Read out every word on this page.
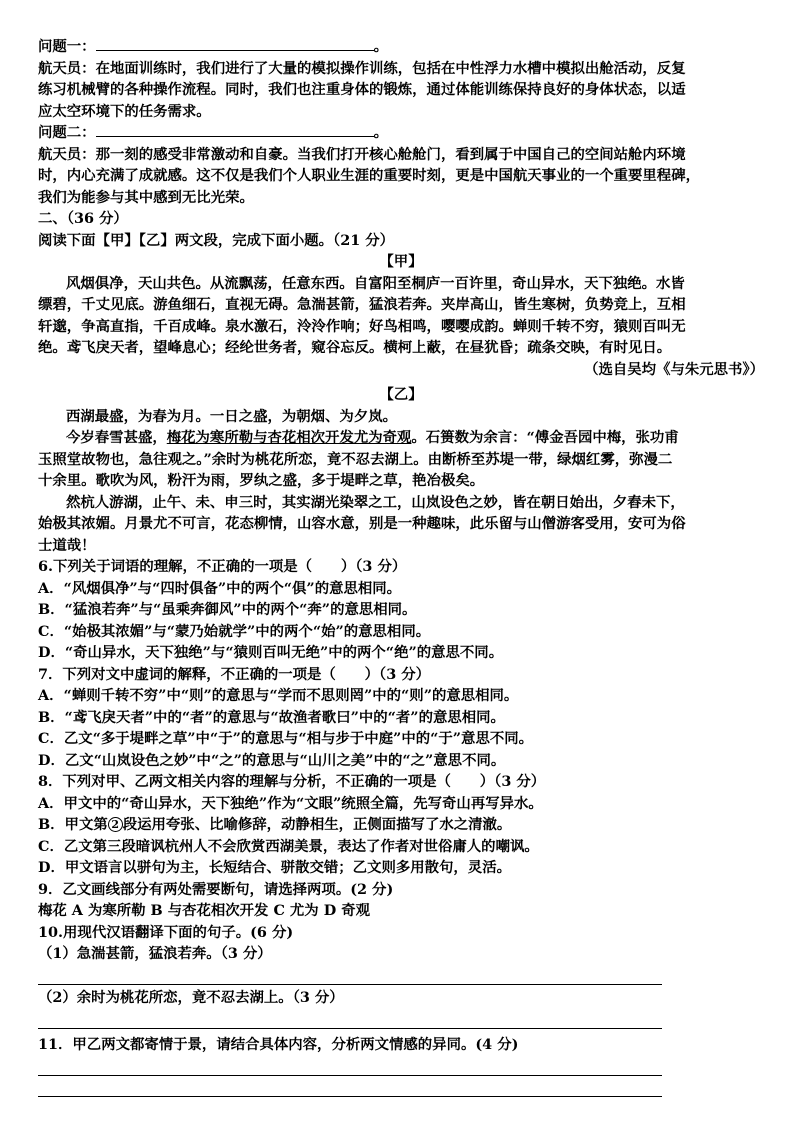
问题一：	。
航天员：在地面训练时，我们进行了大量的模拟操作训练，包括在中性浮力水槽中模拟出舱活动，反复
练习机械臂的各种操作流程。同时，我们也注重身体的锻炼，通过体能训练保持良好的身体状态，以适
应太空环境下的任务需求。
问题二：	。
航天员：那一刻的感受非常激动和自豪。当我们打开核心舱舱门，看到属于中国自己的空间站舱内环境
时，内心充满了成就感。这不仅是我们个人职业生涯的重要时刻，更是中国航天事业的一个重要里程碑，
我们为能参与其中感到无比光荣。
二、（36 分）
阅读下面【甲】【乙】两文段，完成下面小题。（21 分）
【甲】
风烟俱净，天山共色。从流飘荡，任意东西。自富阳至桐庐一百许里，奇山异水，天下独绝。水皆
缥碧，千丈见底。游鱼细石，直视无碍。急湍甚箭，猛浪若奔。夹岸高山，皆生寒树，负势竞上，互相
轩邈，争高直指，千百成峰。泉水激石，泠泠作响；好鸟相鸣，嘤嘤成韵。蝉则千转不穷，猿则百叫无
绝。鸢飞戾天者，望峰息心；经纶世务者，窥谷忘反。横柯上蔽，在昼犹昏；疏条交映，有时见日。
（选自吴均《与朱元思书》）
【乙】
西湖最盛，为春为月。一日之盛，为朝烟、为夕岚。
今岁春雪甚盛，梅花为寒所勒与杏花相次开发尤为奇观。石篑数为余言：“傅金吾园中梅，张功甫
玉照堂故物也，急往观之。”余时为桃花所恋，竟不忍去湖上。由断桥至苏堤一带，绿烟红雾，弥漫二
十余里。歌吹为风，粉汗为雨，罗纨之盛，多于堤畔之草，艳冶极矣。
然杭人游湖，止午、未、申三时，其实湖光染翠之工，山岚设色之妙，皆在朝日始出，夕舂未下，
始极其浓媚。月景尤不可言，花态柳情，山容水意，别是一种趣味，此乐留与山僧游客受用，安可为俗
士道哉！
6.下列关于词语的理解，不正确的一项是（　　）（3 分）
A．“风烟俱净”与“四时俱备”中的两个“俱”的意思相同。
B．“猛浪若奔”与“虽乘奔御风”中的两个“奔”的意思相同。
C．“始极其浓媚”与“蒙乃始就学”中的两个“始”的意思相同。
D．“奇山异水，天下独绝”与“猿则百叫无绝”中的两个“绝”的意思不同。
7．下列对文中虚词的解释，不正确的一项是（　　）（3 分）
A．“蝉则千转不穷”中“则”的意思与“学而不思则罔”中的“则”的意思相同。
B．“鸢飞戾天者”中的“者”的意思与“故渔者歌曰”中的“者”的意思相同。
C．乙文“多于堤畔之草”中“于”的意思与“相与步于中庭”中的“于”意思不同。
D．乙文“山岚设色之妙”中“之”的意思与“山川之美”中的“之”意思不同。
8．下列对甲、乙两文相关内容的理解与分析，不正确的一项是（　　）（3 分）
A．甲文中的“奇山异水，天下独绝”作为“文眼”统照全篇，先写奇山再写异水。
B．甲文第 2 段运用夸张、比喻修辞，动静相生，正侧面描写了水之清澈。
C．乙文第三段暗讽杭州人不会欣赏西湖美景，表达了作者对世俗庸人的嘲讽。
D．甲文语言以骈句为主，长短结合、骈散交错；乙文则多用散句，灵活。
9．乙文画线部分有两处需要断句，请选择两项。(2 分)
梅花 A 为寒所勒 B 与杏花相次开发 C 尤为 D 奇观
10.用现代汉语翻译下面的句子。(6 分)
（1）急湍甚箭，猛浪若奔。（3 分）
（2）余时为桃花所恋，竟不忍去湖上。（3 分）
11．甲乙两文都寄情于景，请结合具体内容，分析两文情感的异同。(4 分)
